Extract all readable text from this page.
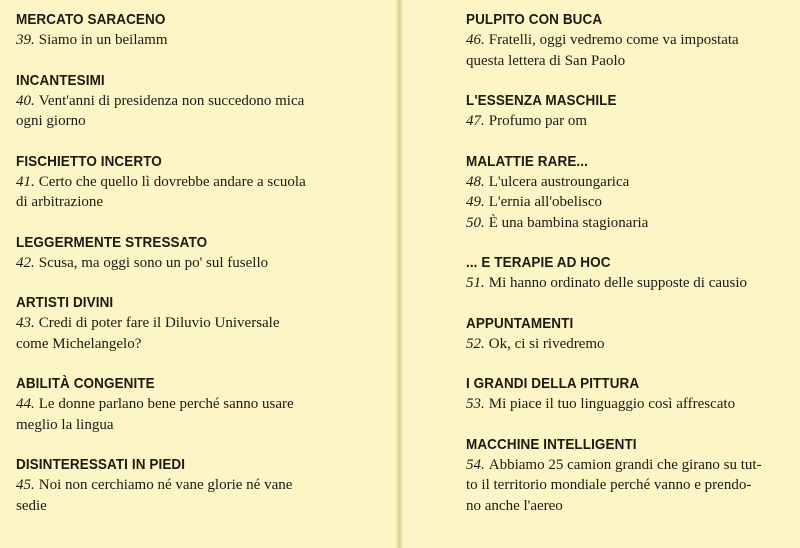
MERCATO SARACENO
39. Siamo in un beilamm
INCANTESIMI
40. Vent'anni di presidenza non succedono mica
ogni giorno
FISCHIETTO INCERTO
41. Certo che quello lì dovrebbe andare a scuola
di arbitrazione
LEGGERMENTE STRESSATO
42. Scusa, ma oggi sono un po' sul fusello
ARTISTI DIVINI
43. Credi di poter fare il Diluvio Universale
come Michelangelo?
ABILITÀ CONGENITE
44. Le donne parlano bene perché sanno usare
meglio la lingua
DISINTERESSATI IN PIEDI
45. Noi non cerchiamo né vane glorie né vane
sedie
PULPITO CON BUCA
46. Fratelli, oggi vedremo come va impostata
questa lettera di San Paolo
L'ESSENZA MASCHILE
47. Profumo par om
MALATTIE RARE...
48. L'ulcera austroungarica
49. L'ernia all'obelisco
50. È una bambina stagionaria
... E TERAPIE AD HOC
51. Mi hanno ordinato delle supposte di causio
APPUNTAMENTI
52. Ok, ci si rivedremo
I GRANDI DELLA PITTURA
53. Mi piace il tuo linguaggio così affrescato
MACCHINE INTELLIGENTI
54. Abbiamo 25 camion grandi che girano su tut-
to il territorio mondiale perché vanno e prendo-
no anche l'aereo
